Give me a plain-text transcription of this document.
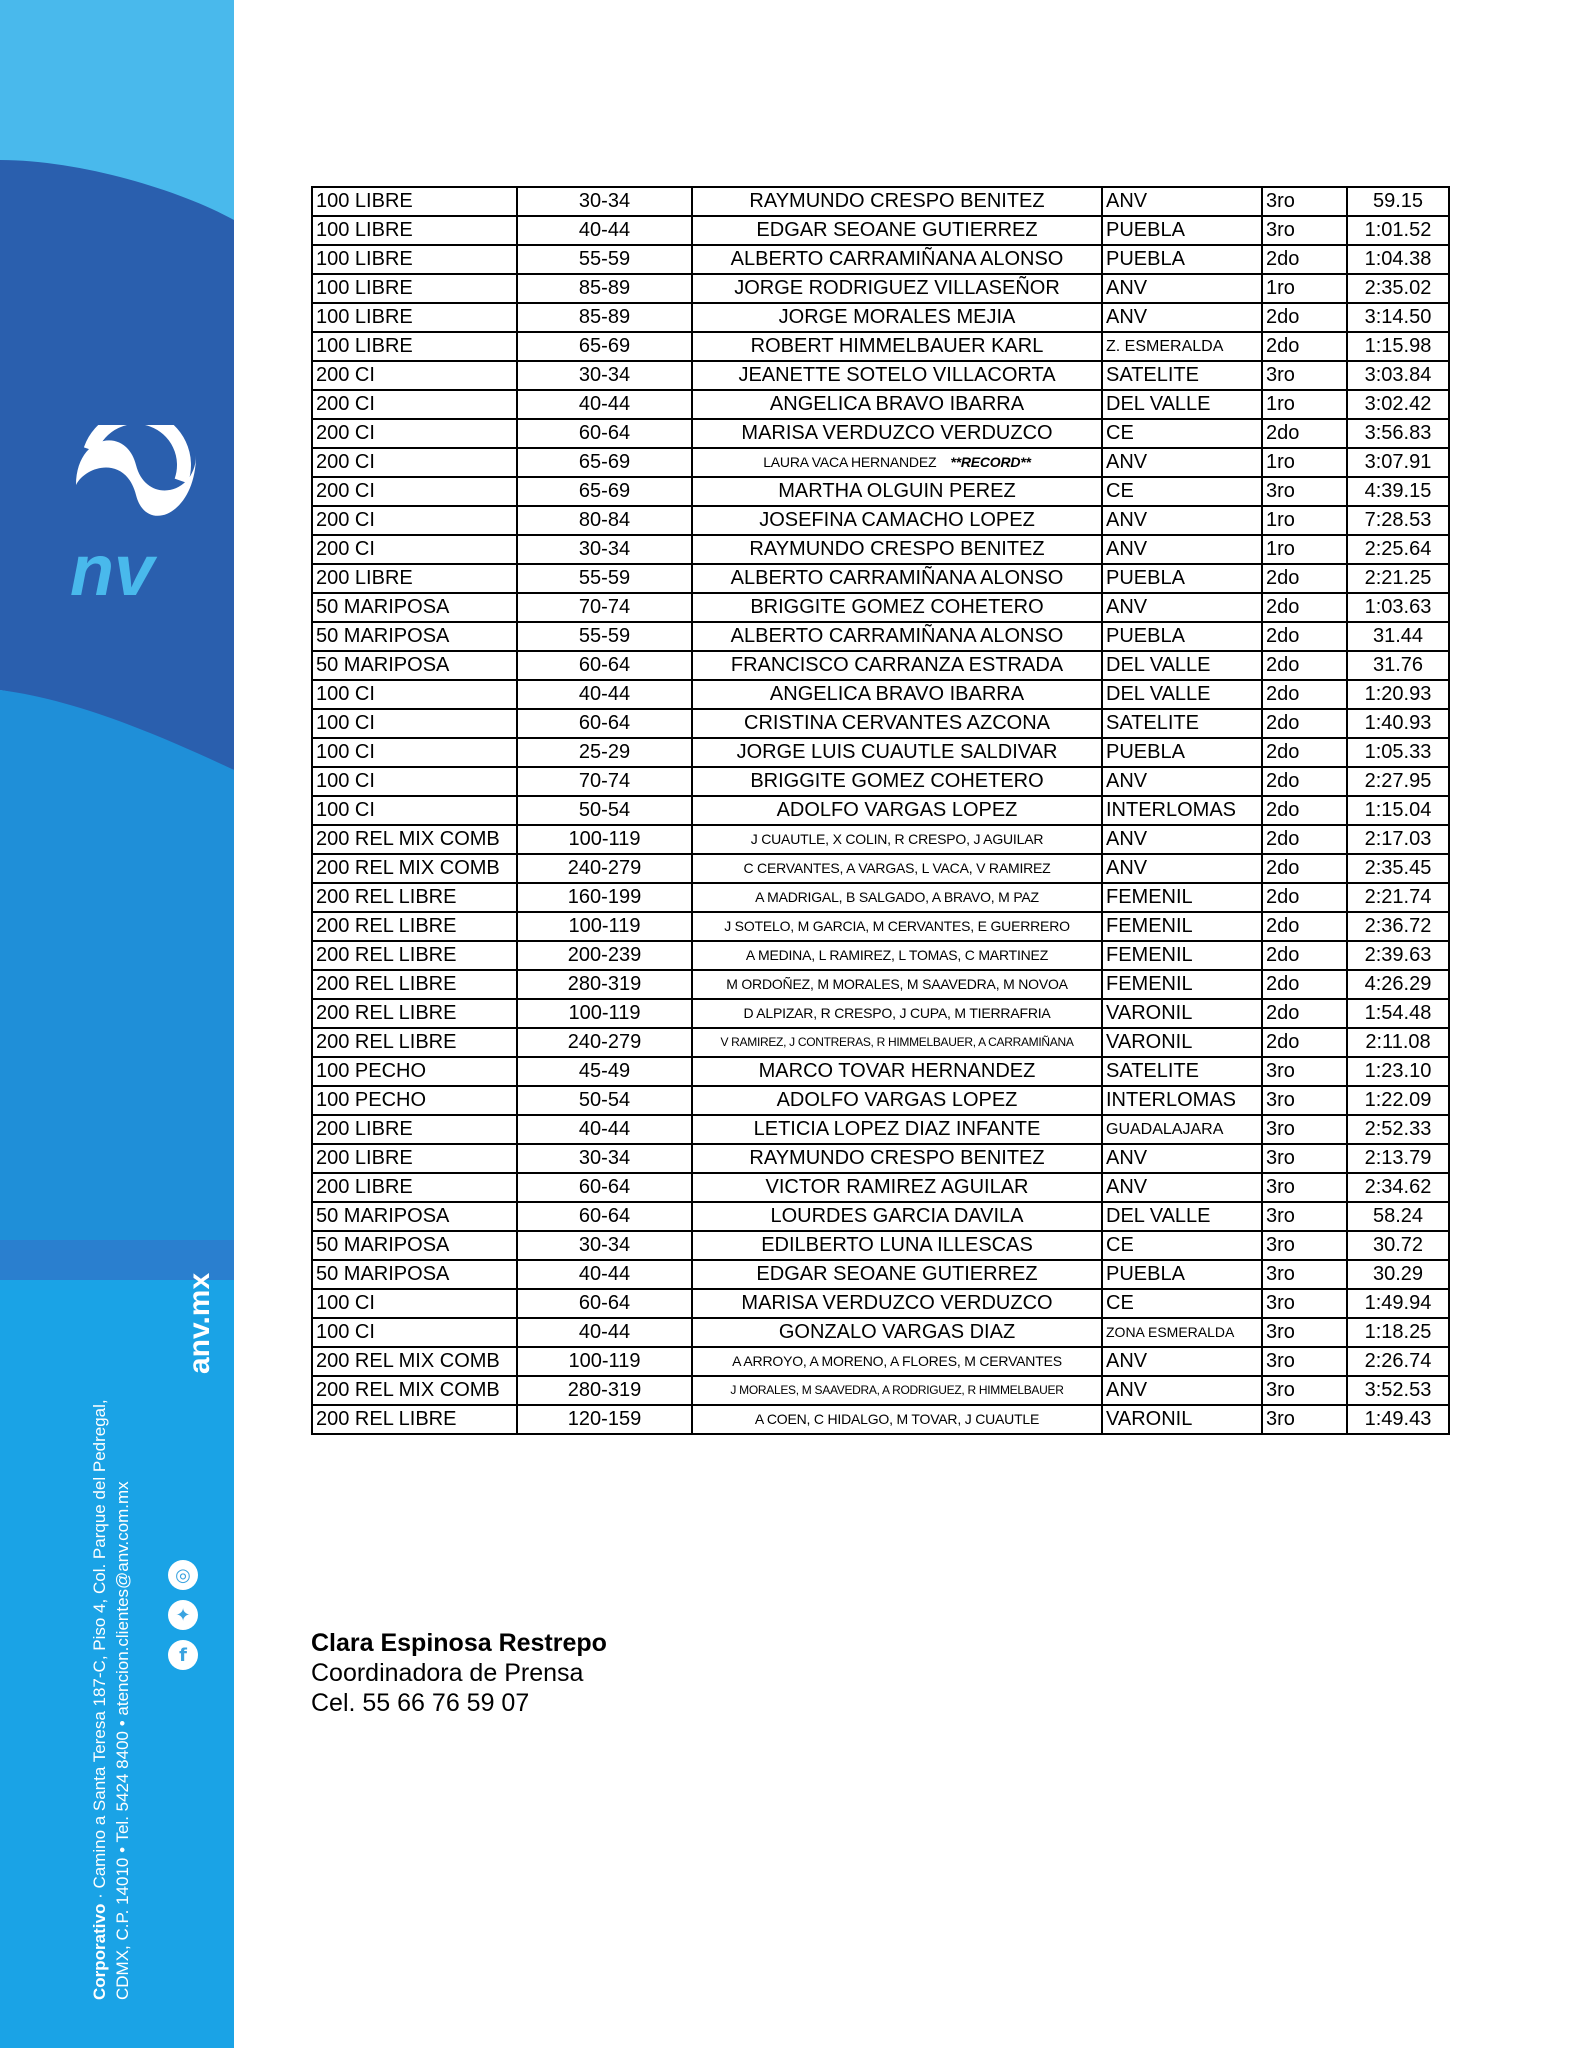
nv
anv.mx
◎
✦
f
Corporativo · Camino a Santa Teresa 187-C, Piso 4, Col. Parque del Pedregal, CDMX, C.P. 14010 • Tel. 5424 8400 • atencion.clientes@anv.com.mx
100 LIBRE	30-34	RAYMUNDO CRESPO BENITEZ	ANV	3ro	59.15
100 LIBRE	40-44	EDGAR SEOANE GUTIERREZ	PUEBLA	3ro	1:01.52
100 LIBRE	55-59	ALBERTO CARRAMIÑANA ALONSO	PUEBLA	2do	1:04.38
100 LIBRE	85-89	JORGE RODRIGUEZ VILLASEÑOR	ANV	1ro	2:35.02
100 LIBRE	85-89	JORGE MORALES MEJIA	ANV	2do	3:14.50
100 LIBRE	65-69	ROBERT HIMMELBAUER KARL	Z. ESMERALDA	2do	1:15.98
200 CI	30-34	JEANETTE SOTELO VILLACORTA	SATELITE	3ro	3:03.84
200 CI	40-44	ANGELICA BRAVO IBARRA	DEL VALLE	1ro	3:02.42
200 CI	60-64	MARISA VERDUZCO VERDUZCO	CE	2do	3:56.83
200 CI	65-69	LAURA VACA HERNANDEZ **RECORD**	ANV	1ro	3:07.91
200 CI	65-69	MARTHA OLGUIN PEREZ	CE	3ro	4:39.15
200 CI	80-84	JOSEFINA CAMACHO LOPEZ	ANV	1ro	7:28.53
200 CI	30-34	RAYMUNDO CRESPO BENITEZ	ANV	1ro	2:25.64
200 LIBRE	55-59	ALBERTO CARRAMIÑANA ALONSO	PUEBLA	2do	2:21.25
50 MARIPOSA	70-74	BRIGGITE GOMEZ COHETERO	ANV	2do	1:03.63
50 MARIPOSA	55-59	ALBERTO CARRAMIÑANA ALONSO	PUEBLA	2do	31.44
50 MARIPOSA	60-64	FRANCISCO CARRANZA ESTRADA	DEL VALLE	2do	31.76
100 CI	40-44	ANGELICA BRAVO IBARRA	DEL VALLE	2do	1:20.93
100 CI	60-64	CRISTINA CERVANTES AZCONA	SATELITE	2do	1:40.93
100 CI	25-29	JORGE LUIS CUAUTLE SALDIVAR	PUEBLA	2do	1:05.33
100 CI	70-74	BRIGGITE GOMEZ COHETERO	ANV	2do	2:27.95
100 CI	50-54	ADOLFO VARGAS LOPEZ	INTERLOMAS	2do	1:15.04
200 REL MIX COMB	100-119	J CUAUTLE, X COLIN, R CRESPO, J AGUILAR	ANV	2do	2:17.03
200 REL MIX COMB	240-279	C CERVANTES, A VARGAS, L VACA, V RAMIREZ	ANV	2do	2:35.45
200 REL LIBRE	160-199	A MADRIGAL, B SALGADO, A BRAVO, M PAZ	FEMENIL	2do	2:21.74
200 REL LIBRE	100-119	J SOTELO, M GARCIA, M CERVANTES, E GUERRERO	FEMENIL	2do	2:36.72
200 REL LIBRE	200-239	A MEDINA, L RAMIREZ, L TOMAS, C MARTINEZ	FEMENIL	2do	2:39.63
200 REL LIBRE	280-319	M ORDOÑEZ, M MORALES, M SAAVEDRA, M NOVOA	FEMENIL	2do	4:26.29
200 REL LIBRE	100-119	D ALPIZAR, R CRESPO, J CUPA, M TIERRAFRIA	VARONIL	2do	1:54.48
200 REL LIBRE	240-279	V RAMIREZ, J CONTRERAS, R HIMMELBAUER, A CARRAMIÑANA	VARONIL	2do	2:11.08
100 PECHO	45-49	MARCO TOVAR HERNANDEZ	SATELITE	3ro	1:23.10
100 PECHO	50-54	ADOLFO VARGAS LOPEZ	INTERLOMAS	3ro	1:22.09
200 LIBRE	40-44	LETICIA LOPEZ DIAZ INFANTE	GUADALAJARA	3ro	2:52.33
200 LIBRE	30-34	RAYMUNDO CRESPO BENITEZ	ANV	3ro	2:13.79
200 LIBRE	60-64	VICTOR RAMIREZ AGUILAR	ANV	3ro	2:34.62
50 MARIPOSA	60-64	LOURDES GARCIA DAVILA	DEL VALLE	3ro	58.24
50 MARIPOSA	30-34	EDILBERTO LUNA ILLESCAS	CE	3ro	30.72
50 MARIPOSA	40-44	EDGAR SEOANE GUTIERREZ	PUEBLA	3ro	30.29
100 CI	60-64	MARISA VERDUZCO VERDUZCO	CE	3ro	1:49.94
100 CI	40-44	GONZALO VARGAS DIAZ	ZONA ESMERALDA	3ro	1:18.25
200 REL MIX COMB	100-119	A ARROYO, A MORENO, A FLORES, M CERVANTES	ANV	3ro	2:26.74
200 REL MIX COMB	280-319	J MORALES, M SAAVEDRA, A RODRIGUEZ, R HIMMELBAUER	ANV	3ro	3:52.53
200 REL LIBRE	120-159	A COEN, C HIDALGO, M TOVAR, J CUAUTLE	VARONIL	3ro	1:49.43
Clara Espinosa Restrepo
Coordinadora de Prensa
Cel. 55 66 76 59 07
